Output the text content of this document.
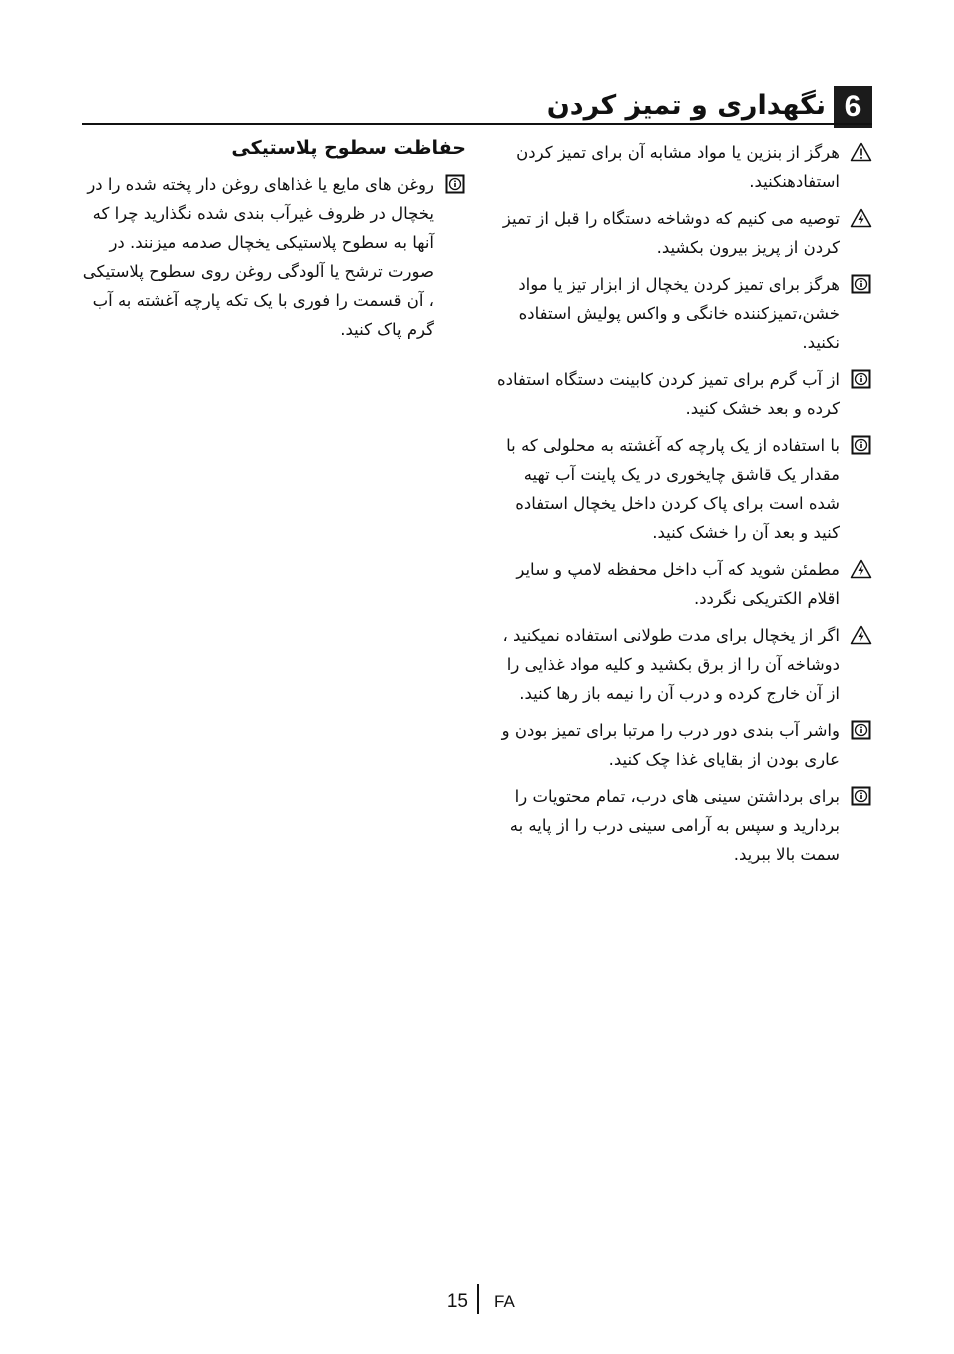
6
نگهداری و تمیز کردن
هرگز از بنزین یا مواد مشابه آن برای تمیز کردن استفادهنکنید.
توصیه می کنیم که دوشاخه دستگاه را قبل از تمیز کردن از پریز بیرون بکشید.
هرگز برای تمیز کردن یخچال از ابزار تیز یا مواد خشن،تمیزکننده خانگی و واکس پولیش استفاده نکنید.
از آب گرم برای تمیز کردن کابینت دستگاه استفاده کرده و بعد خشک کنید.
با استفاده از یک پارچه که آغشته به محلولی که با مقدار یک قاشق چایخوری در یک پاینت آب تهیه شده است برای پاک کردن داخل یخچال استفاده کنید و بعد آن را خشک کنید.
مطمئن شوید که آب داخل محفظه لامپ و سایر اقلام الکتریکی نگردد.
اگر از یخچال برای مدت طولانی استفاده نمیکنید ، دوشاخه آن را از برق بکشید و کلیه مواد غذایی را از آن خارج کرده و درب آن را نیمه باز رها کنید.
واشر آب بندی دور درب را مرتبا برای تمیز بودن و عاری بودن از بقایای غذا چک کنید.
برای برداشتن سینی های درب، تمام محتویات را بردارید و سپس به آرامی سینی درب را از پایه به سمت بالا ببرید.
حفاظت سطوح پلاستیکی
روغن های مایع یا غذاهای روغن دار پخته شده را در یخچال در ظروف غیرآب بندی شده نگذارید چرا که آنها به سطوح پلاستیکی یخچال صدمه میزنند. در صورت ترشح یا آلودگی روغن روی سطوح پلاستیکی ، آن قسمت را فوری با یک تکه پارچه آغشته به آب گرم پاک کنید.
15 FA
